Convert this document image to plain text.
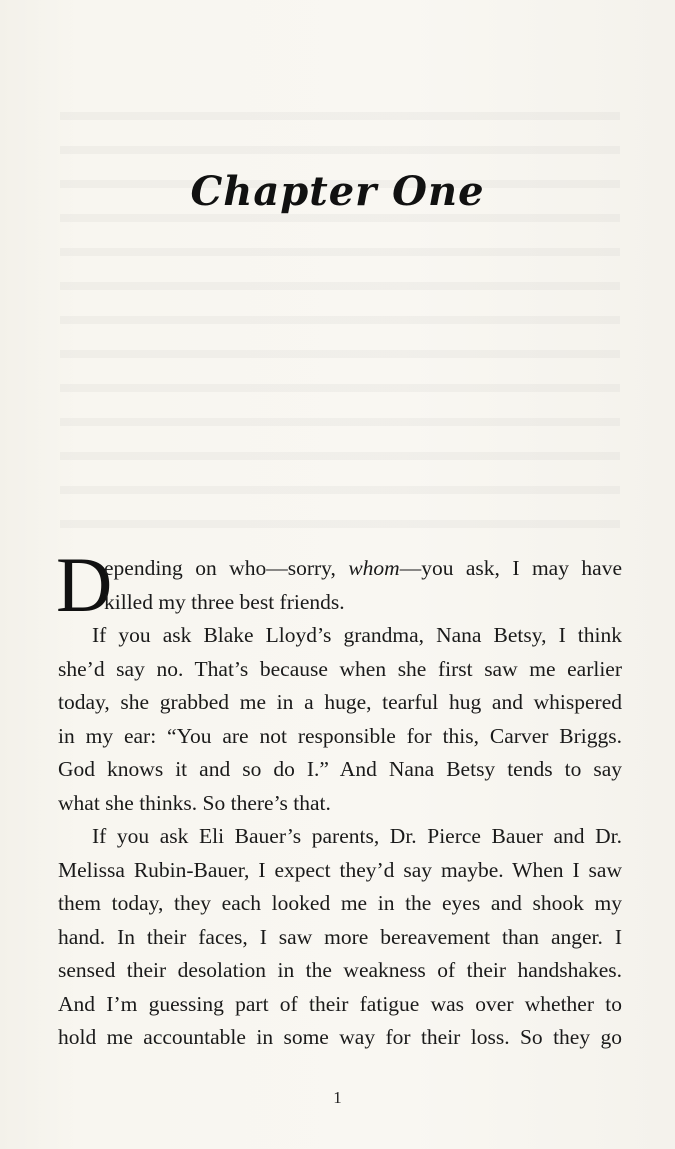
Chapter One
D
epending on who—sorry, whom—you ask, I may have
killed my three best friends.
If you ask Blake Lloyd’s grandma, Nana Betsy, I think
she’d say no. That’s because when she first saw me earlier
today, she grabbed me in a huge, tearful hug and whispered
in my ear: “You are not responsible for this, Carver Briggs.
God knows it and so do I.” And Nana Betsy tends to say
what she thinks. So there’s that.
If you ask Eli Bauer’s parents, Dr. Pierce Bauer and Dr.
Melissa Rubin-Bauer, I expect they’d say maybe. When I saw
them today, they each looked me in the eyes and shook my
hand. In their faces, I saw more bereavement than anger. I
sensed their desolation in the weakness of their handshakes.
And I’m guessing part of their fatigue was over whether to
hold me accountable in some way for their loss. So they go
1
